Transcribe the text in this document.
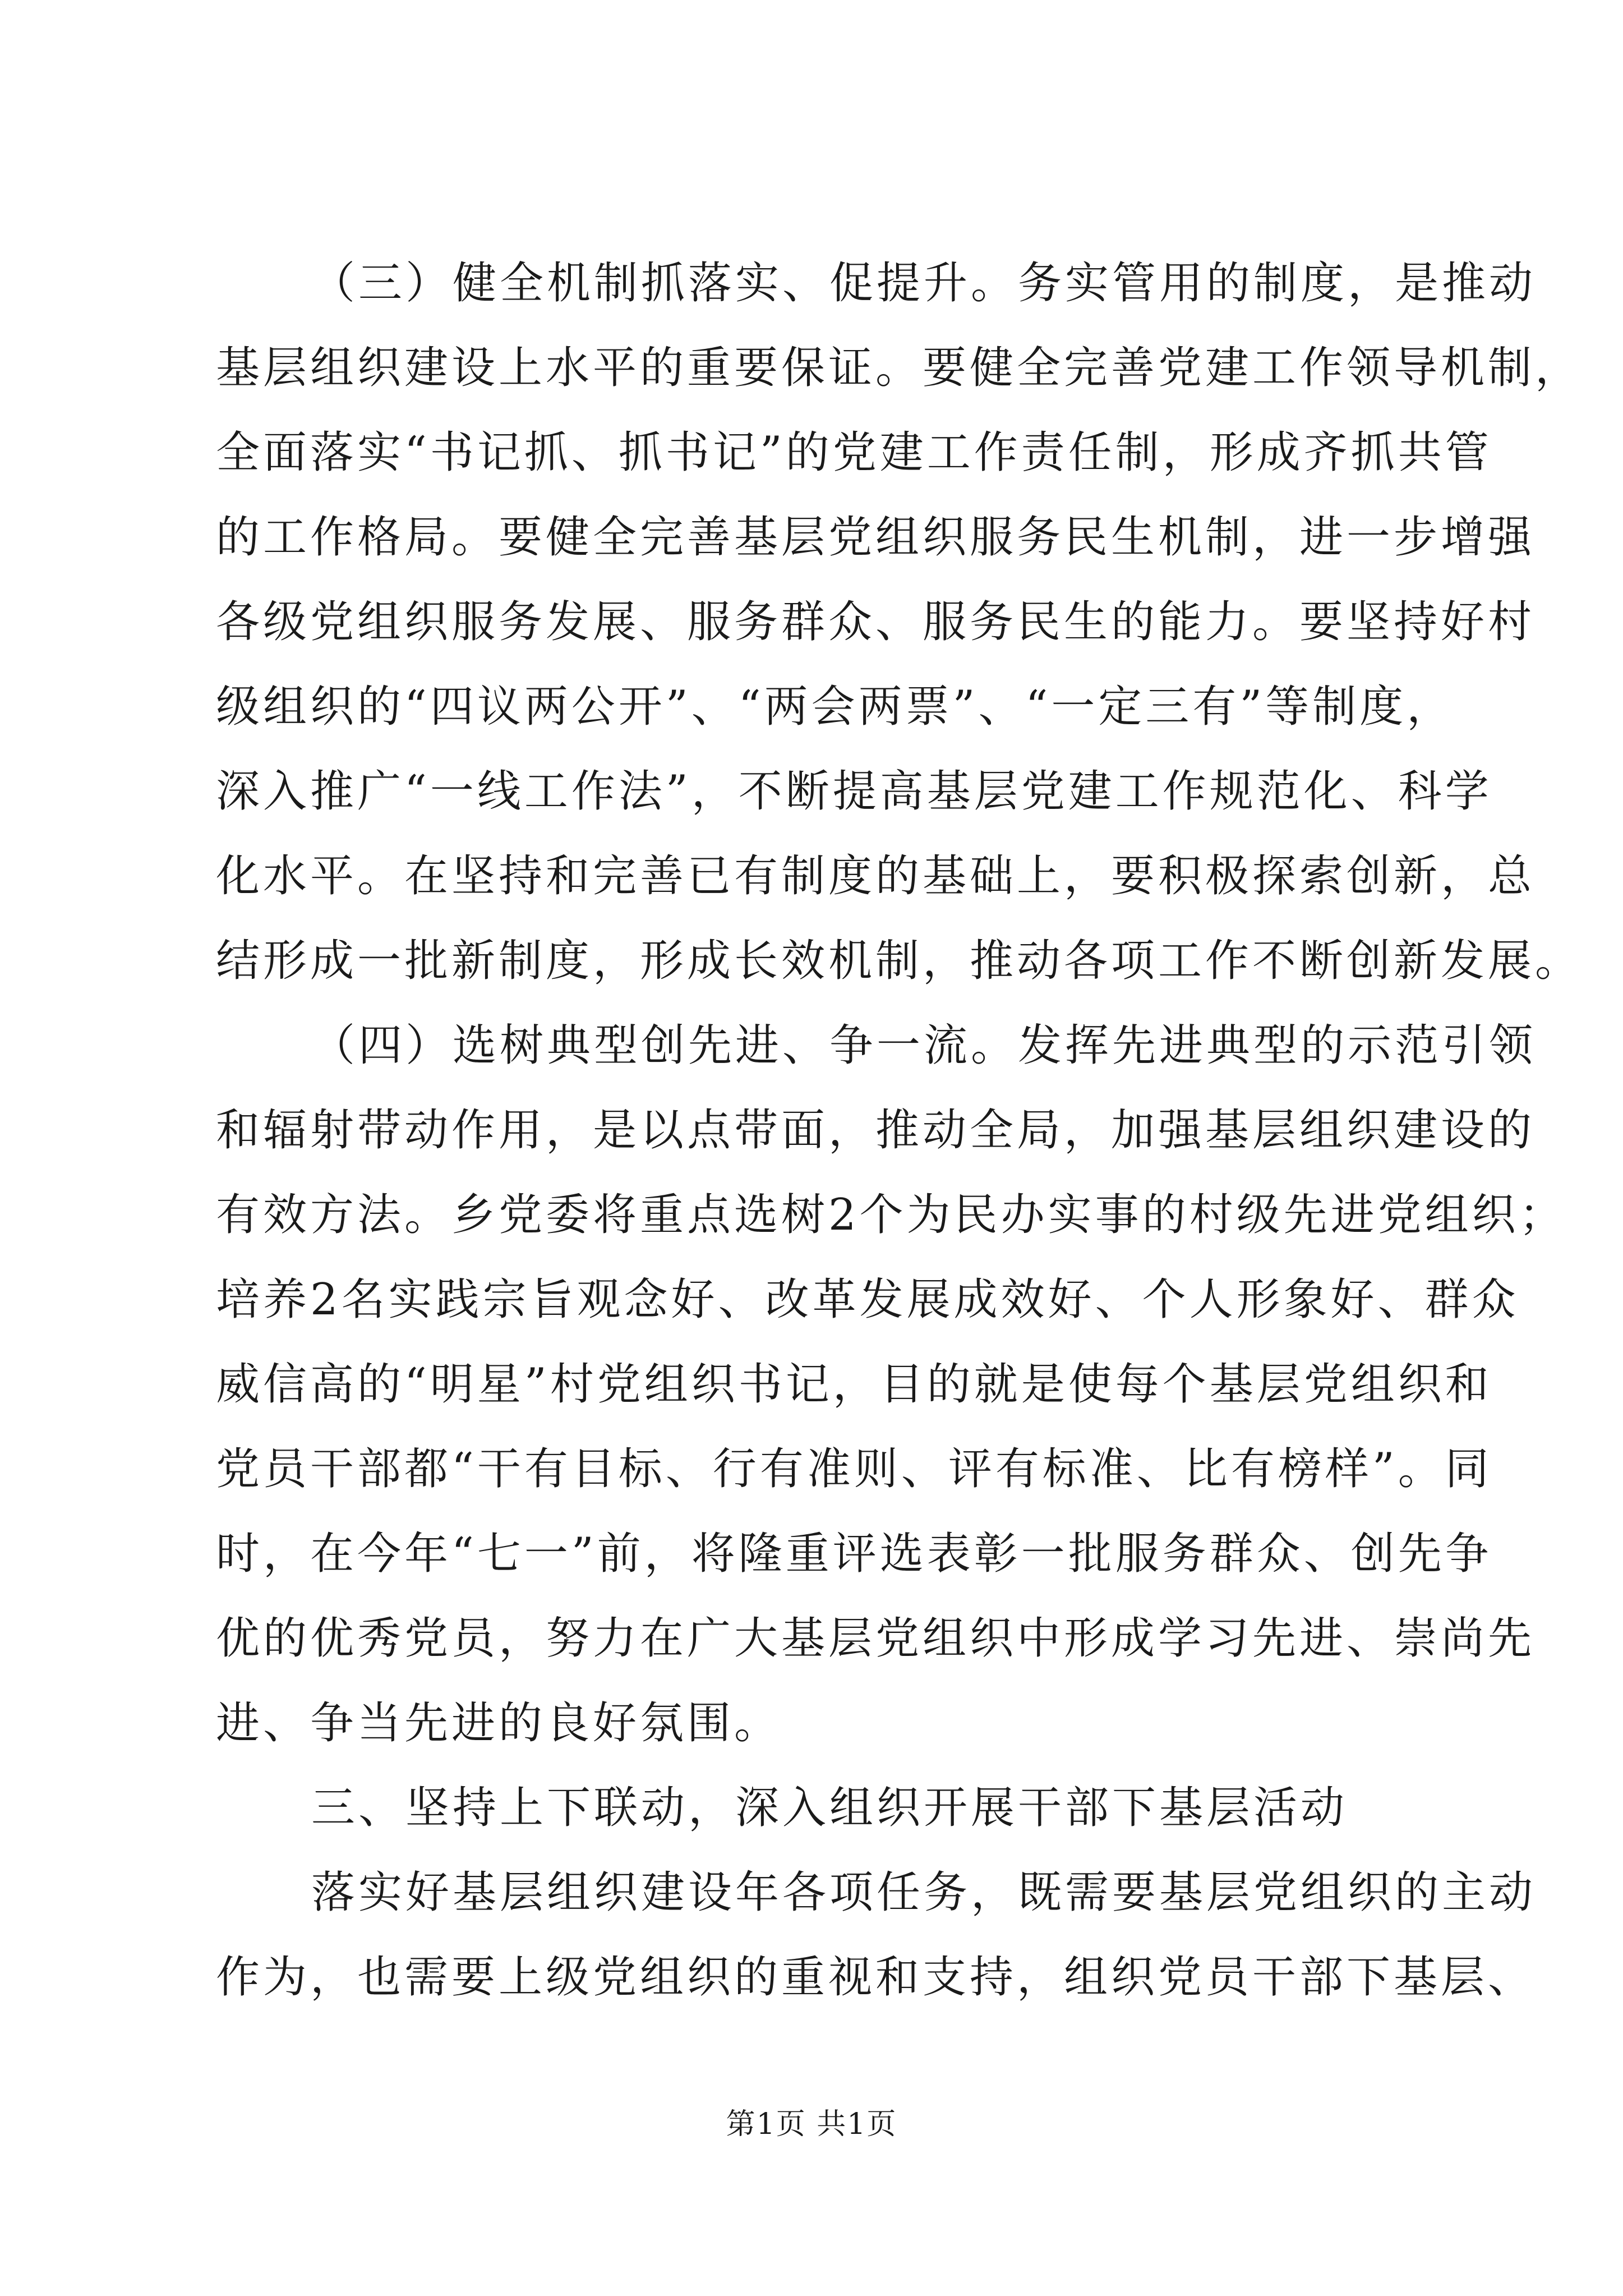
（三）健全机制抓落实、促提升。务实管用的制度，是推动
基层组织建设上水平的重要保证。要健全完善党建工作领导机制，
全面落实“书记抓、抓书记”的党建工作责任制，形成齐抓共管
的工作格局。要健全完善基层党组织服务民生机制，进一步增强
各级党组织服务发展、服务群众、服务民生的能力。要坚持好村
级组织的“四议两公开”、“两会两票”、“一定三有”等制度，
深入推广“一线工作法”，不断提高基层党建工作规范化、科学
化水平。在坚持和完善已有制度的基础上，要积极探索创新，总
结形成一批新制度，形成长效机制，推动各项工作不断创新发展。
（四）选树典型创先进、争一流。发挥先进典型的示范引领
和辐射带动作用，是以点带面，推动全局，加强基层组织建设的
有效方法。乡党委将重点选树2个为民办实事的村级先进党组织；
培养2名实践宗旨观念好、改革发展成效好、个人形象好、群众
威信高的“明星”村党组织书记，目的就是使每个基层党组织和
党员干部都“干有目标、行有准则、评有标准、比有榜样”。同
时，在今年“七一”前，将隆重评选表彰一批服务群众、创先争
优的优秀党员，努力在广大基层党组织中形成学习先进、崇尚先
进、争当先进的良好氛围。
三、坚持上下联动，深入组织开展干部下基层活动
落实好基层组织建设年各项任务，既需要基层党组织的主动
作为，也需要上级党组织的重视和支持，组织党员干部下基层、
第1页 共1页
